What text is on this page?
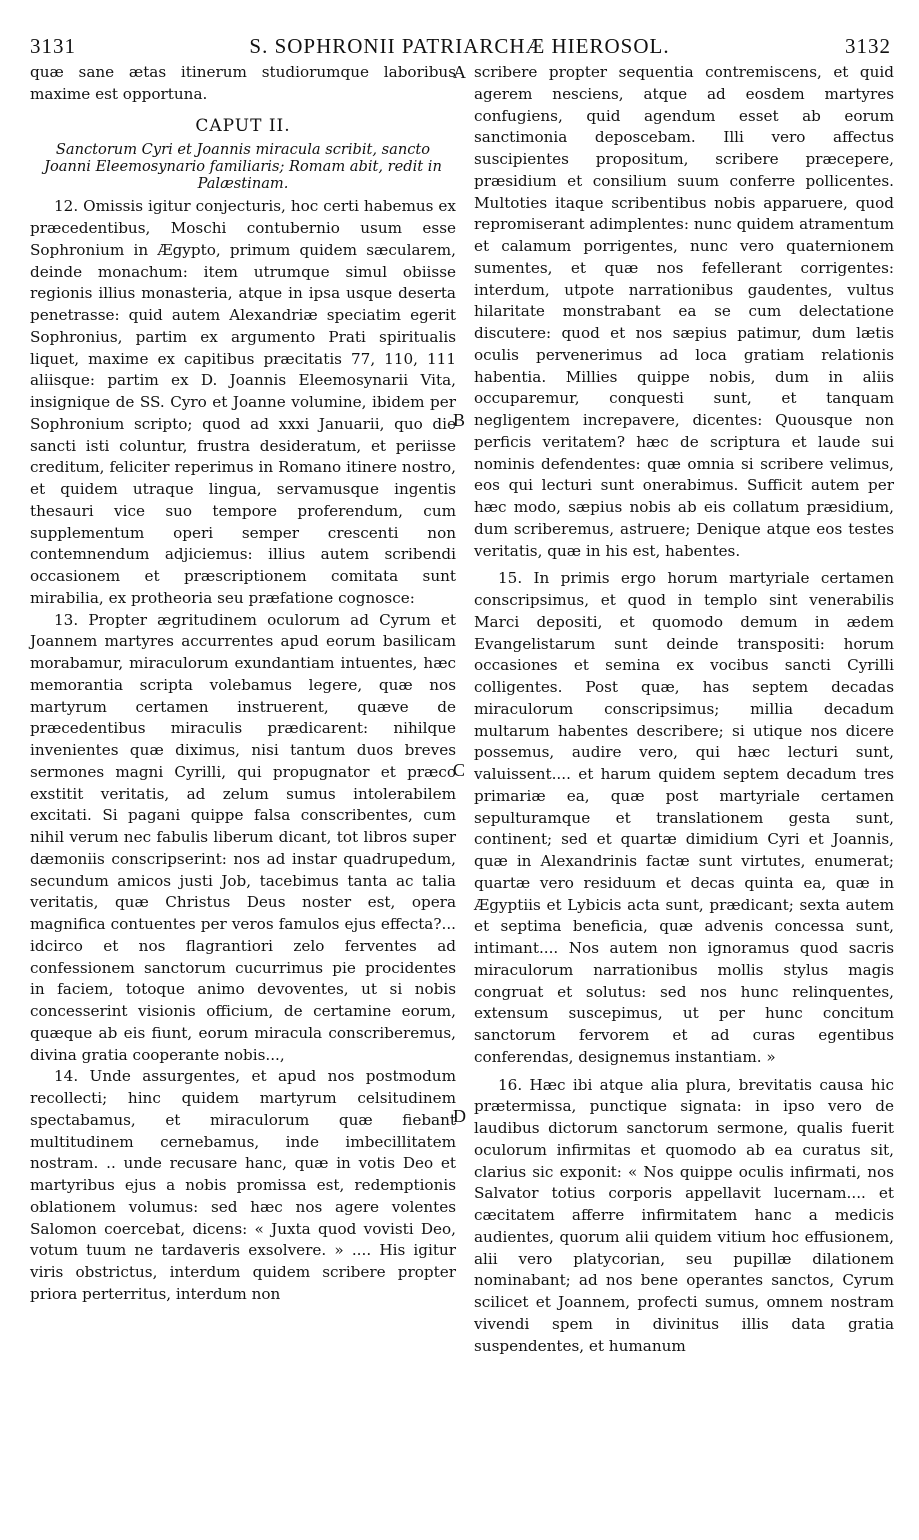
3131	S. SOPHRONII PATRIARCHÆ HIEROSOL.	3132
A
B
C
D

quæ sane ætas itinerum studiorumque laboribus maxime est opportuna.

CAPUT II.
Sanctorum Cyri et Joannis miracula scribit, sancto Joanni Eleemosynario familiaris; Romam abit, redit in Palæstinam.

12. Omissis igitur conjecturis, hoc certi habemus ex præcedentibus, Moschi contubernio usum esse Sophronium in Ægypto, primum quidem sæcularem, deinde monachum: item utrumque simul obiisse regionis illius monasteria, atque in ipsa usque deserta penetrasse: quid autem Alexandriæ speciatim egerit Sophronius, partim ex argumento Prati spiritualis liquet, maxime ex capitibus præcitatis 77, 110, 111 aliisque: partim ex D. Joannis Eleemosynarii Vita, insignique de SS. Cyro et Joanne volumine, ibidem per Sophronium scripto; quod ad xxxi Januarii, quo die sancti isti coluntur, frustra desideratum, et periisse creditum, feliciter reperimus in Romano itinere nostro, et quidem utraque lingua, servamusque ingentis thesauri vice suo tempore proferendum, cum supplementum operi semper crescenti non contemnendum adjiciemus: illius autem scribendi occasionem et præscriptionem comitata sunt mirabilia, ex protheoria seu præfatione cognosce:

13. Propter ægritudinem oculorum ad Cyrum et Joannem martyres accurrentes apud eorum basilicam morabamur, miraculorum exundantiam intuentes, hæc memorantia scripta volebamus legere, quæ nos martyrum certamen instruerent, quæve de præcedentibus miraculis prædicarent: nihilque invenientes quæ diximus, nisi tantum duos breves sermones magni Cyrilli, qui propugnator et præco exstitit veritatis, ad zelum sumus intolerabilem excitati. Si pagani quippe falsa conscribentes, cum nihil verum nec fabulis liberum dicant, tot libros super dæmoniis conscripserint: nos ad instar quadrupedum, secundum amicos justi Job, tacebimus tanta ac talia veritatis, quæ Christus Deus noster est, opera magnifica contuentes per veros famulos ejus effecta?... idcirco et nos flagrantiori zelo ferventes ad confessionem sanctorum cucurrimus pie procidentes in faciem, totoque animo devoventes, ut si nobis concesserint visionis officium, de certamine eorum, quæque ab eis fiunt, eorum miracula conscriberemus, divina gratia cooperante nobis...,

14. Unde assurgentes, et apud nos postmodum recollecti; hinc quidem martyrum celsitudinem spectabamus, et miraculorum quæ fiebant multitudinem cernebamus, inde imbecillitatem nostram. .. unde recusare hanc, quæ in votis Deo et martyribus ejus a nobis promissa est, redemptionis oblationem volumus: sed hæc nos agere volentes Salomon coercebat, dicens: « Juxta quod vovisti Deo, votum tuum ne tardaveris exsolvere. » .... His igitur viris obstrictus, interdum quidem scribere propter priora perterritus, interdum non

scribere propter sequentia contremiscens, et quid agerem nesciens, atque ad eosdem martyres confugiens, quid agendum esset ab eorum sanctimonia deposcebam. Illi vero affectus suscipientes propositum, scribere præcepere, præsidium et consilium suum conferre pollicentes. Multoties itaque scribentibus nobis apparuere, quod repromiserant adimplentes: nunc quidem atramentum et calamum porrigentes, nunc vero quaternionem sumentes, et quæ nos fefellerant corrigentes: interdum, utpote narrationibus gaudentes, vultus hilaritate monstrabant ea se cum delectatione discutere: quod et nos sæpius patimur, dum lætis oculis pervenerimus ad loca gratiam relationis habentia. Millies quippe nobis, dum in aliis occuparemur, conquesti sunt, et tanquam negligentem increpavere, dicentes: Quousque non perficis veritatem? hæc de scriptura et laude sui nominis defendentes: quæ omnia si scribere velimus, eos qui lecturi sunt onerabimus. Sufficit autem per hæc modo, sæpius nobis ab eis collatum præsidium, dum scriberemus, astruere; Denique atque eos testes veritatis, quæ in his est, habentes.

15. In primis ergo horum martyriale certamen conscripsimus, et quod in templo sint venerabilis Marci depositi, et quomodo demum in ædem Evangelistarum sunt deinde transpositi: horum occasiones et semina ex vocibus sancti Cyrilli colligentes. Post quæ, has septem decadas miraculorum conscripsimus; millia decadum multarum habentes describere; si utique nos dicere possemus, audire vero, qui hæc lecturi sunt, valuissent.... et harum quidem septem decadum tres primariæ ea, quæ post martyriale certamen sepulturamque et translationem gesta sunt, continent; sed et quartæ dimidium Cyri et Joannis, quæ in Alexandrinis factæ sunt virtutes, enumerat; quartæ vero residuum et decas quinta ea, quæ in Ægyptiis et Lybicis acta sunt, prædicant; sexta autem et septima beneficia, quæ advenis concessa sunt, intimant.... Nos autem non ignoramus quod sacris miraculorum narrationibus mollis stylus magis congruat et solutus: sed nos hunc relinquentes, extensum suscepimus, ut per hunc concitum sanctorum fervorem et ad curas egentibus conferendas, designemus instantiam. »

16. Hæc ibi atque alia plura, brevitatis causa hic prætermissa, punctique signata: in ipso vero de laudibus dictorum sanctorum sermone, qualis fuerit oculorum infirmitas et quomodo ab ea curatus sit, clarius sic exponit: « Nos quippe oculis infirmati, nos Salvator totius corporis appellavit lucernam.... et cæcitatem afferre infirmitatem hanc a medicis audientes, quorum alii quidem vitium hoc effusionem, alii vero platycorian, seu pupillæ dilationem nominabant; ad nos bene operantes sanctos, Cyrum scilicet et Joannem, profecti sumus, omnem nostram vivendi spem in divinitus illis data gratia suspendentes, et humanum
